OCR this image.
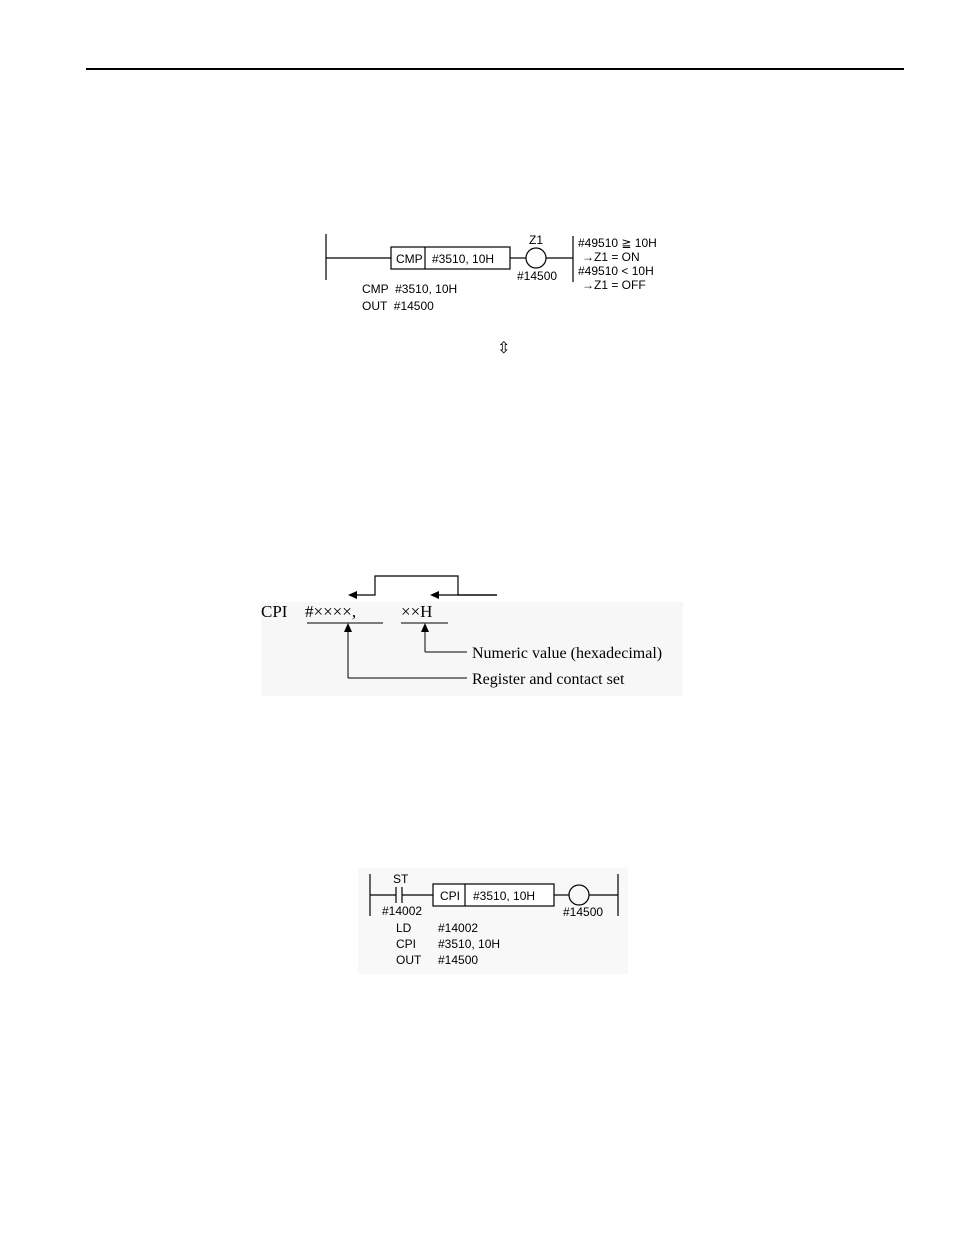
CMP #3510, 10H
Z1
#14500
#49510 ≧ 10H
→Z1 = ON
#49510 < 10H
→Z1 = OFF
CMP  #3510, 10H
OUT  #14500
⇳
CPI #××××,	××H
Numeric value (hexadecimal)
Register and contact set
ST
#14002
CPI #3510, 10H
#14500
LD #14002
CPI #3510, 10H
OUT #14500
